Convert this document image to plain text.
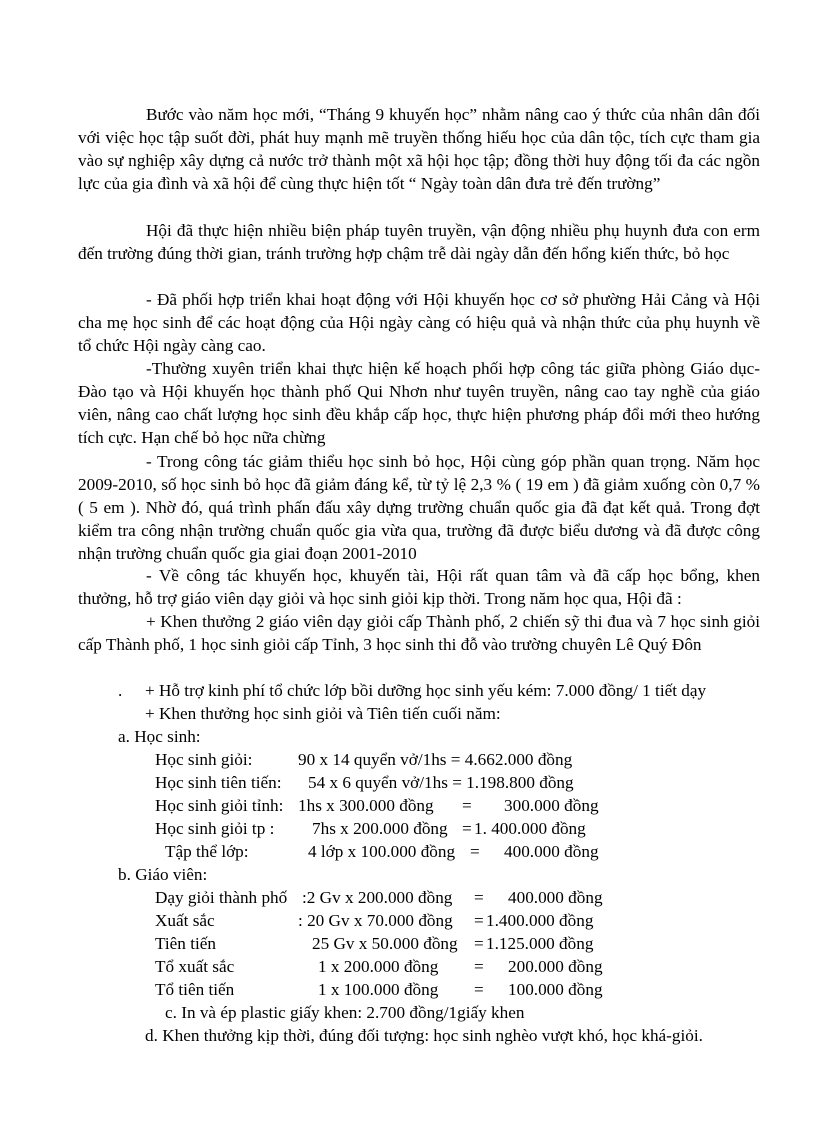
Bước vào năm học mới, “Tháng 9 khuyến học” nhằm nâng cao ý thức của nhân dân đối với việc học tập suốt đời, phát huy mạnh mẽ truyền thống hiếu học của dân tộc, tích cực tham gia vào sự nghiệp xây dựng cả nước trở thành một xã hội học tập; đồng thời huy động tối đa các ngồn lực của gia đình và xã hội để cùng thực hiện tốt “ Ngày toàn dân đưa trẻ đến trường”

Hội đã thực hiện nhiều biện pháp tuyên truyền, vận động nhiều phụ huynh đưa con erm đến trường đúng thời gian, tránh trường hợp chậm trễ dài ngày dẫn đến hổng kiến thức, bỏ học

- Đã phối hợp triển khai hoạt động với Hội khuyến học cơ sở phường Hải Cảng và Hội cha mẹ học sinh để các hoạt động của Hội ngày càng có hiệu quả và nhận thức của phụ huynh về tổ chức Hội ngày càng cao.

-Thường xuyên triển khai thực hiện kế hoạch phối hợp công tác giữa phòng Giáo dục- Đào tạo và Hội khuyến học thành phố Qui Nhơn như tuyên truyền, nâng cao tay nghề của giáo viên, nâng cao chất lượng học sinh đều khắp cấp học, thực hiện phương pháp đổi mới theo hướng tích cực. Hạn chế bỏ học nữa chừng

- Trong công tác giảm thiểu học sinh bỏ học, Hội cùng góp phần quan trọng. Năm học 2009-2010, số học sinh bỏ học đã giảm đáng kể, từ tỷ lệ 2,3 % ( 19 em ) đã giảm xuống còn 0,7 % ( 5 em ). Nhờ đó, quá trình phấn đấu xây dựng trường chuẩn quốc gia đã đạt kết quả. Trong đợt kiểm tra công nhận trường chuẩn quốc gia vừa qua, trường đã được biểu dương và đã được công nhận trường chuẩn quốc gia giai đoạn 2001-2010

- Về công tác khuyến học, khuyến tài, Hội rất quan tâm và đã cấp học bổng, khen thưởng, hỗ trợ giáo viên dạy giỏi và học sinh giỏi kịp thời. Trong năm học qua, Hội đã :

+ Khen thưởng 2 giáo viên dạy giỏi cấp Thành phố, 2 chiến sỹ thi đua và 7 học sinh giỏi cấp Thành phố, 1 học sinh giỏi cấp Tỉnh, 3 học sinh thi đỗ vào trường chuyên Lê Quý Đôn

. + Hỗ trợ kinh phí tổ chức lớp bồi dưỡng học sinh yếu kém: 7.000 đồng/ 1 tiết dạy
+ Khen thưởng học sinh giỏi và Tiên tiến cuối năm:
a. Học sinh:
Học sinh giỏi:	90 x 14 quyển vở/1hs = 4.662.000 đồng
Học sinh tiên tiến: 54 x 6 quyển vở/1hs = 1.198.800 đồng
Học sinh giỏi tỉnh: 1hs x 300.000 đồng = 300.000 đồng
Học sinh giỏi tp : 7hs x 200.000 đồng = 1. 400.000 đồng
Tập thể lớp:	4 lớp x 100.000 đồng = 400.000 đồng
b. Giáo viên:
Dạy giỏi thành phố :2 Gv x 200.000 đồng = 400.000 đồng
Xuất sắc	: 20 Gv x 70.000 đồng = 1.400.000 đồng
Tiên tiến	25 Gv x 50.000 đồng = 1.125.000 đồng
Tổ xuất sắc	1 x 200.000 đồng = 200.000 đồng
Tổ tiên tiến	1 x 100.000 đồng = 100.000 đồng
c. In và ép plastic giấy khen: 2.700 đồng/1giấy khen
d. Khen thưởng kịp thời, đúng đối tượng: học sinh nghèo vượt khó, học khá-giỏi.
